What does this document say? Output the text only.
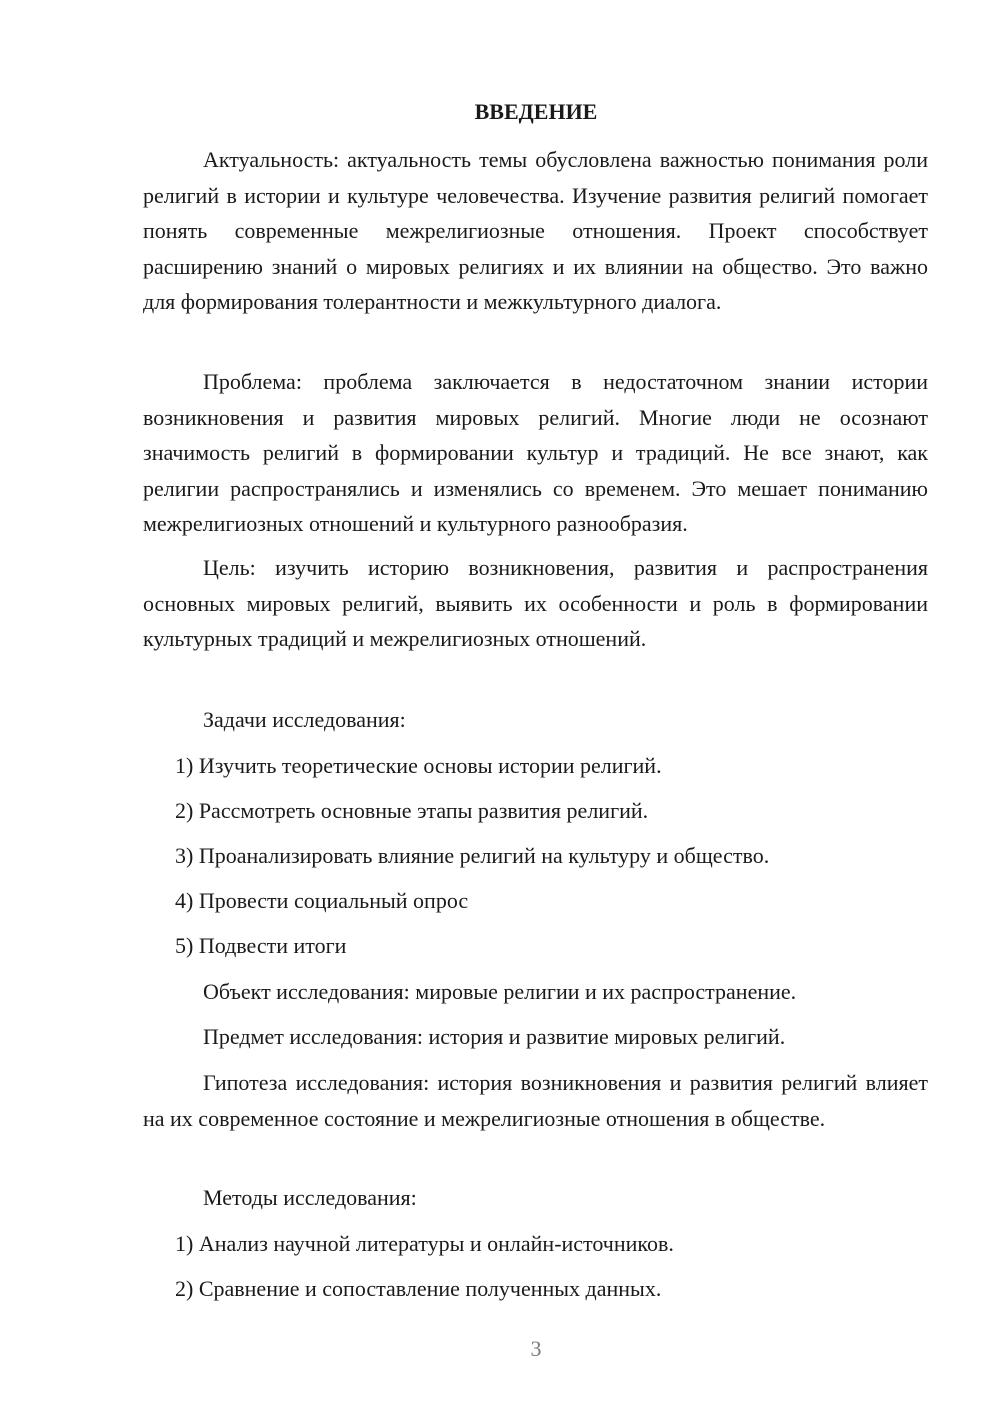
ВВЕДЕНИЕ

Актуальность: актуальность темы обусловлена важностью понимания роли религий в истории и культуре человечества. Изучение развития религий помогает понять современные межрелигиозные отношения. Проект способствует расширению знаний о мировых религиях и их влиянии на общество. Это важно для формирования толерантности и межкультурного диалога.

Проблема: проблема заключается в недостаточном знании истории возникновения и развития мировых религий. Многие люди не осознают значимость религий в формировании культур и традиций. Не все знают, как религии распространялись и изменялись со временем. Это мешает пониманию межрелигиозных отношений и культурного разнообразия.

Цель: изучить историю возникновения, развития и распространения основных мировых религий, выявить их особенности и роль в формировании культурных традиций и межрелигиозных отношений.

Задачи исследования:

1) Изучить теоретические основы истории религий.

2) Рассмотреть основные этапы развития религий.

3) Проанализировать влияние религий на культуру и общество.

4) Провести социальный опрос

5) Подвести итоги

Объект исследования: мировые религии и их распространение.

Предмет исследования: история и развитие мировых религий.

Гипотеза исследования: история возникновения и развития религий влияет на их современное состояние и межрелигиозные отношения в обществе.

Методы исследования:

1) Анализ научной литературы и онлайн-источников.

2) Сравнение и сопоставление полученных данных.

3
